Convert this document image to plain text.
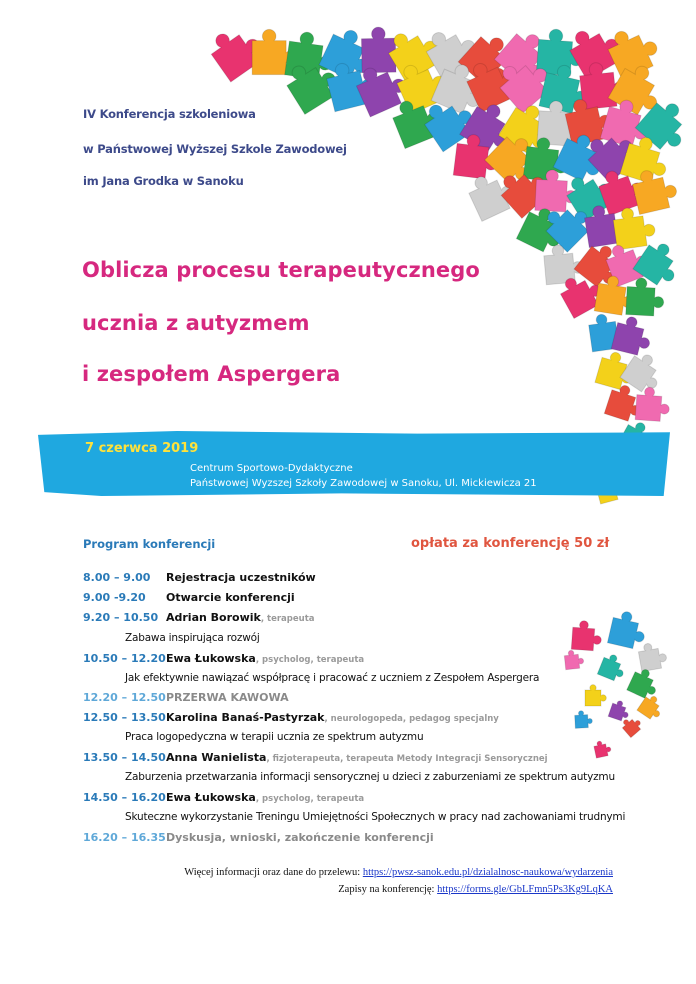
IV Konferencja szkoleniowa
w Państwowej Wyższej Szkole Zawodowej
im Jana Grodka w Sanoku
Oblicza procesu terapeutycznego
ucznia z autyzmem
i zespołem Aspergera
7 czerwca 2019
Centrum Sportowo-Dydaktyczne
Państwowej Wyzszej Szkoły Zawodowej w Sanoku, Ul. Mickiewicza 21
Program konferencji	opłata za konferencję 50 zł
8.00 – 9.00 Rejestracja uczestników
9.00 -9.20 Otwarcie konferencji
9.20 – 10.50 Adrian Borowik, terapeuta
Zabawa inspirująca rozwój
10.50 – 12.20Ewa Łukowska, psycholog, terapeuta
Jak efektywnie nawiązać współpracę i pracować z uczniem z Zespołem Aspergera
12.20 – 12.50PRZERWA KAWOWA
12.50 – 13.50Karolina Banaś-Pastyrzak, neurologopeda, pedagog specjalny
Praca logopedyczna w terapii ucznia ze spektrum autyzmu
13.50 – 14.50Anna Wanielista, fizjoterapeuta, terapeuta Metody Integracji Sensorycznej
Zaburzenia przetwarzania informacji sensorycznej u dzieci z zaburzeniami ze spektrum autyzmu
14.50 – 16.20Ewa Łukowska, psycholog, terapeuta
Skuteczne wykorzystanie Treningu Umiejętności Społecznych w pracy nad zachowaniami trudnymi
16.20 – 16.35Dyskusja, wnioski, zakończenie konferencji
Więcej informacji oraz dane do przelewu: https://pwsz-sanok.edu.pl/dzialalnosc-naukowa/wydarzenia
Zapisy na konferencję: https://forms.gle/GbLFmn5Ps3Kg9LqKA
